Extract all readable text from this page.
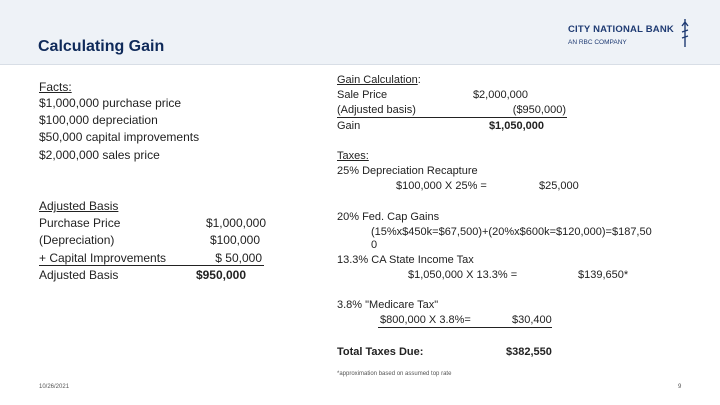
Calculating Gain
CITY NATIONAL BANK
AN RBC COMPANY
Facts:
$1,000,000 purchase price
$100,000 depreciation
$50,000 capital improvements
$2,000,000 sales price
Adjusted Basis
Purchase Price	$1,000,000
(Depreciation)	$100,000
+ Capital Improvements	$ 50,000
Adjusted Basis	$950,000
Gain Calculation:
Sale Price	$2,000,000
(Adjusted basis)	($950,000)
Gain	$1,050,000
Taxes:
25% Depreciation Recapture
$100,000 X 25% =	$25,000
20% Fed. Cap Gains
(15%x$450k=$67,500)+(20%x$600k=$120,000)=$187,50
0
13.3% CA State Income Tax
$1,050,000 X 13.3% =	$139,650*
3.8% "Medicare Tax"
$800,000 X 3.8%=	$30,400
Total Taxes Due:	$382,550
*approximation based on assumed top rate
10/26/2021	9
